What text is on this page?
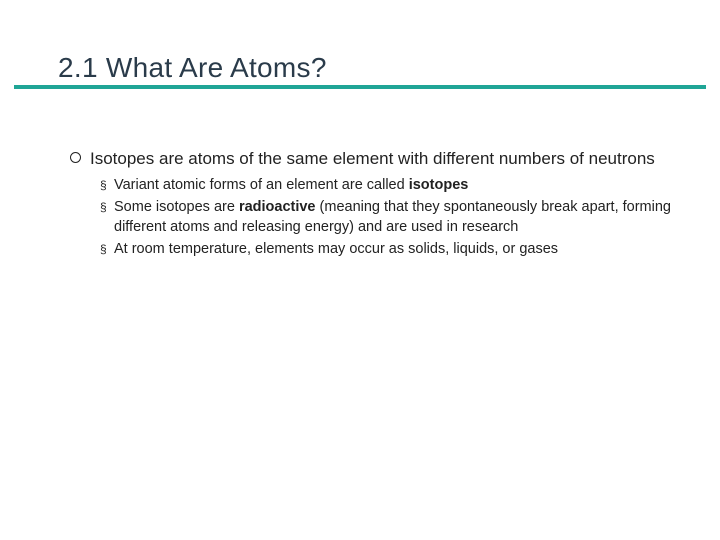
2.1 What Are Atoms?
Isotopes are atoms of the same element with different numbers of neutrons
§ Variant atomic forms of an element are called isotopes
§ Some isotopes are radioactive (meaning that they spontaneously break apart, forming different atoms and releasing energy) and are used in research
§ At room temperature, elements may occur as solids, liquids, or gases
